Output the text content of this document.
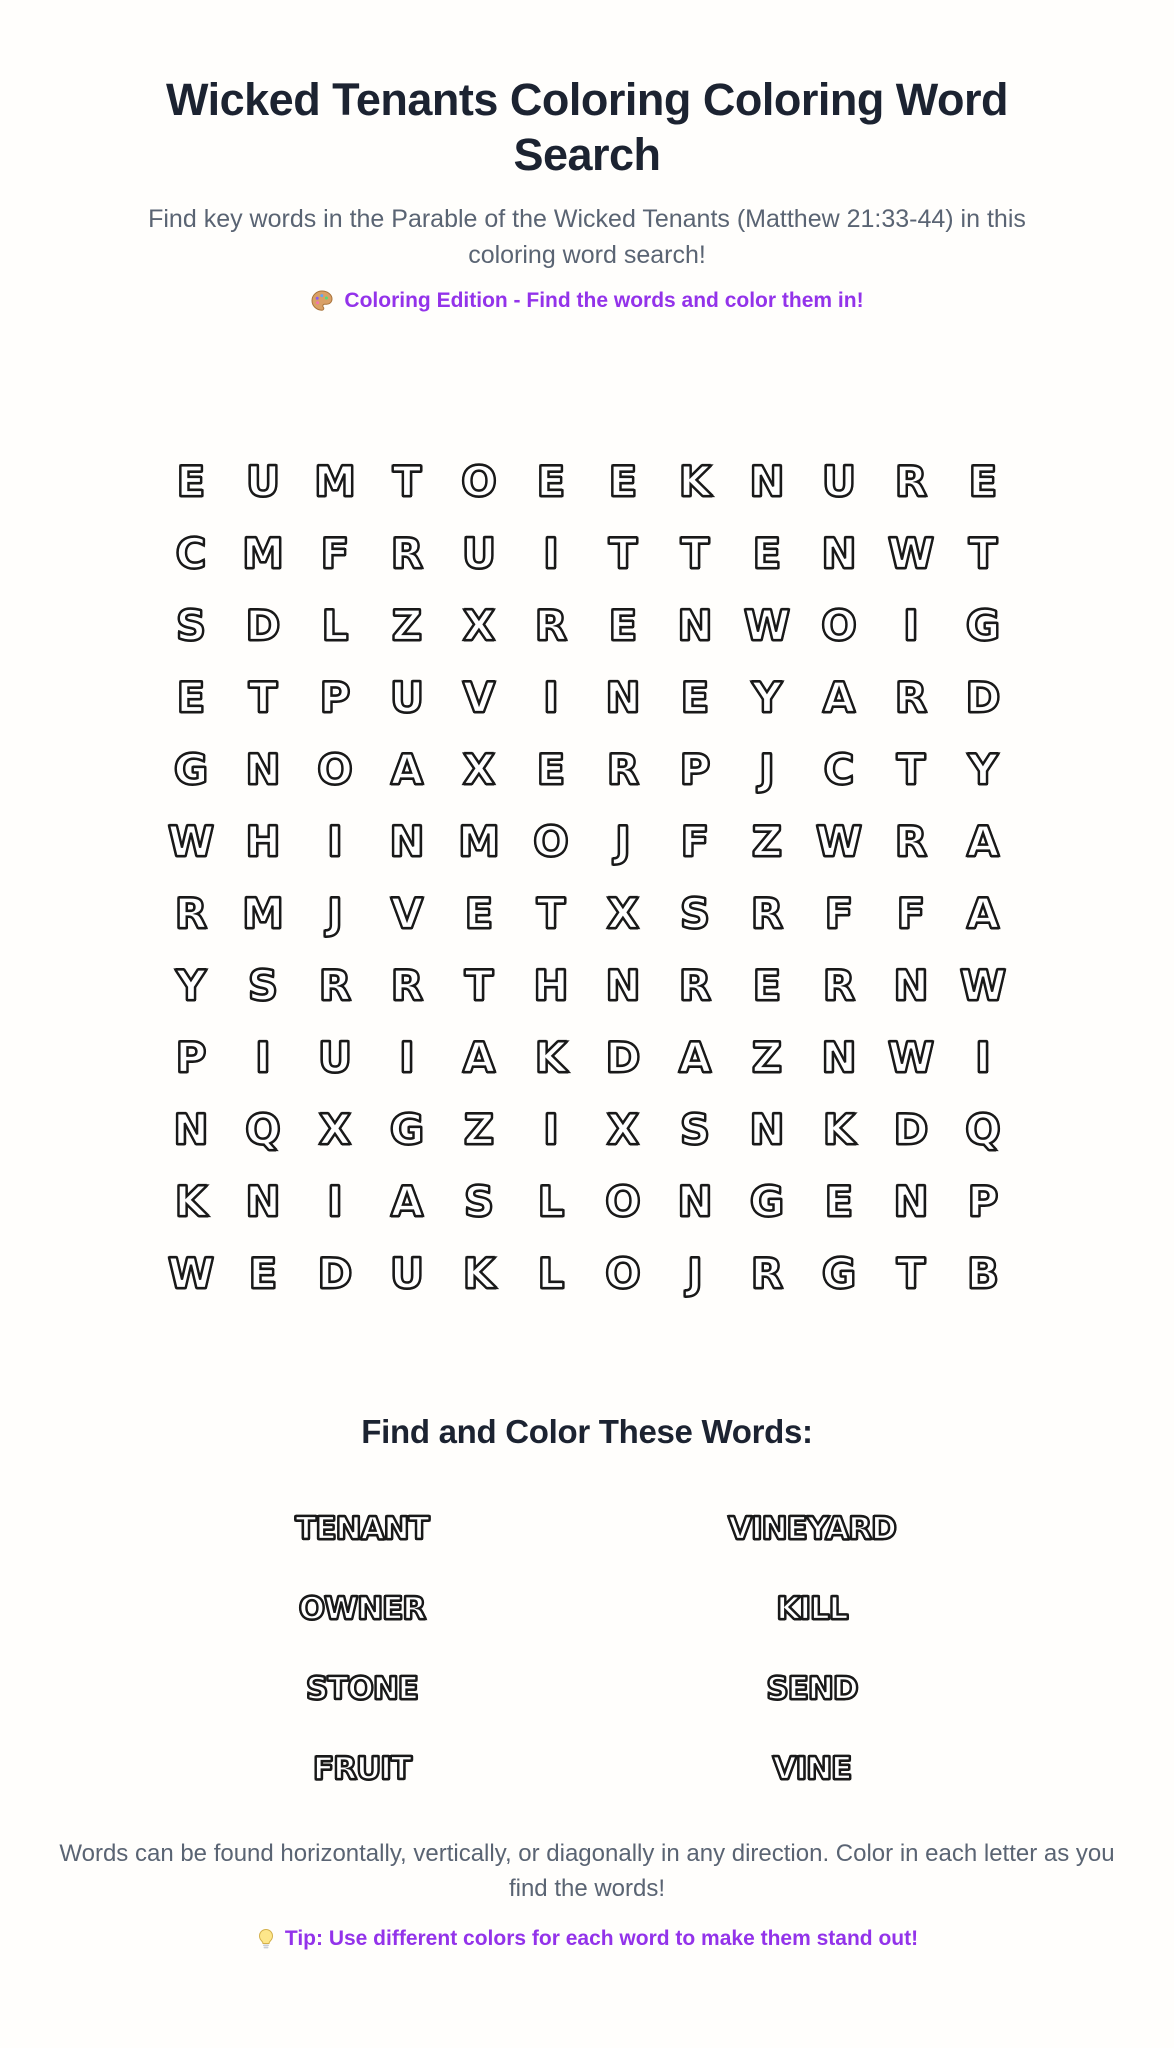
Wicked Tenants Coloring Coloring Word Search

Find key words in the Parable of the Wicked Tenants (Matthew 21:33-44) in this coloring word search!

Coloring Edition - Find the words and color them in!

E U M T O E	E K N U R E
C M F R U	I	T	T	E N W T
S D L	Z X R E N W O	I	G
E	T	P U V	I	N E	Y A R D
G N O A X E R P	J	C	T	Y
W H	I	N M O	J	F	Z W R A
R M	J	V E	T X S R F	F A
Y S R R T H N R E R N W
P	I	U	I	A K D A Z N W I
N Q X G Z	I	X S N K D Q
K N	I	A S	L O N G E N P
W E D U K	L O	J	R G T B
Find and Color These Words:
TENANT	VINEYARD
OWNER	KILL
STONE	SEND
FRUIT	VINE

Words can be found horizontally, vertically, or diagonally in any direction. Color in each letter as you find the words!

Tip: Use different colors for each word to make them stand out!
